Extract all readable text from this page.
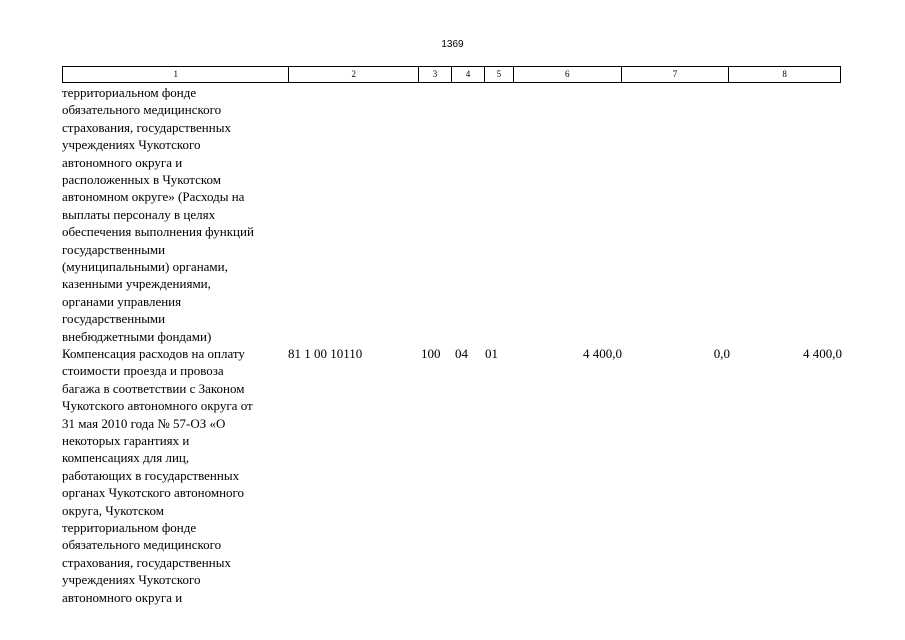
1369
1	2	3	4	5	6	7	8
территориальном фонде
обязательного медицинского
страхования, государственных
учреждениях Чукотского
автономного округа и
расположенных в Чукотском
автономном округе» (Расходы на
выплаты персоналу в целях
обеспечения выполнения функций
государственными
(муниципальными) органами,
казенными учреждениями,
органами управления
государственными
внебюджетными фондами)
Компенсация расходов на оплату
стоимости проезда и провоза
багажа в соответствии с Законом
Чукотского автономного округа от
31 мая 2010 года № 57-ОЗ «О
некоторых гарантиях и
компенсациях для лиц,
работающих в государственных
органах Чукотского автономного
округа, Чукотском
территориальном фонде
обязательного медицинского
страхования, государственных
учреждениях Чукотского
автономного округа и
81 1 00 10110	100 04 01	4 400,0	0,0	4 400,0
